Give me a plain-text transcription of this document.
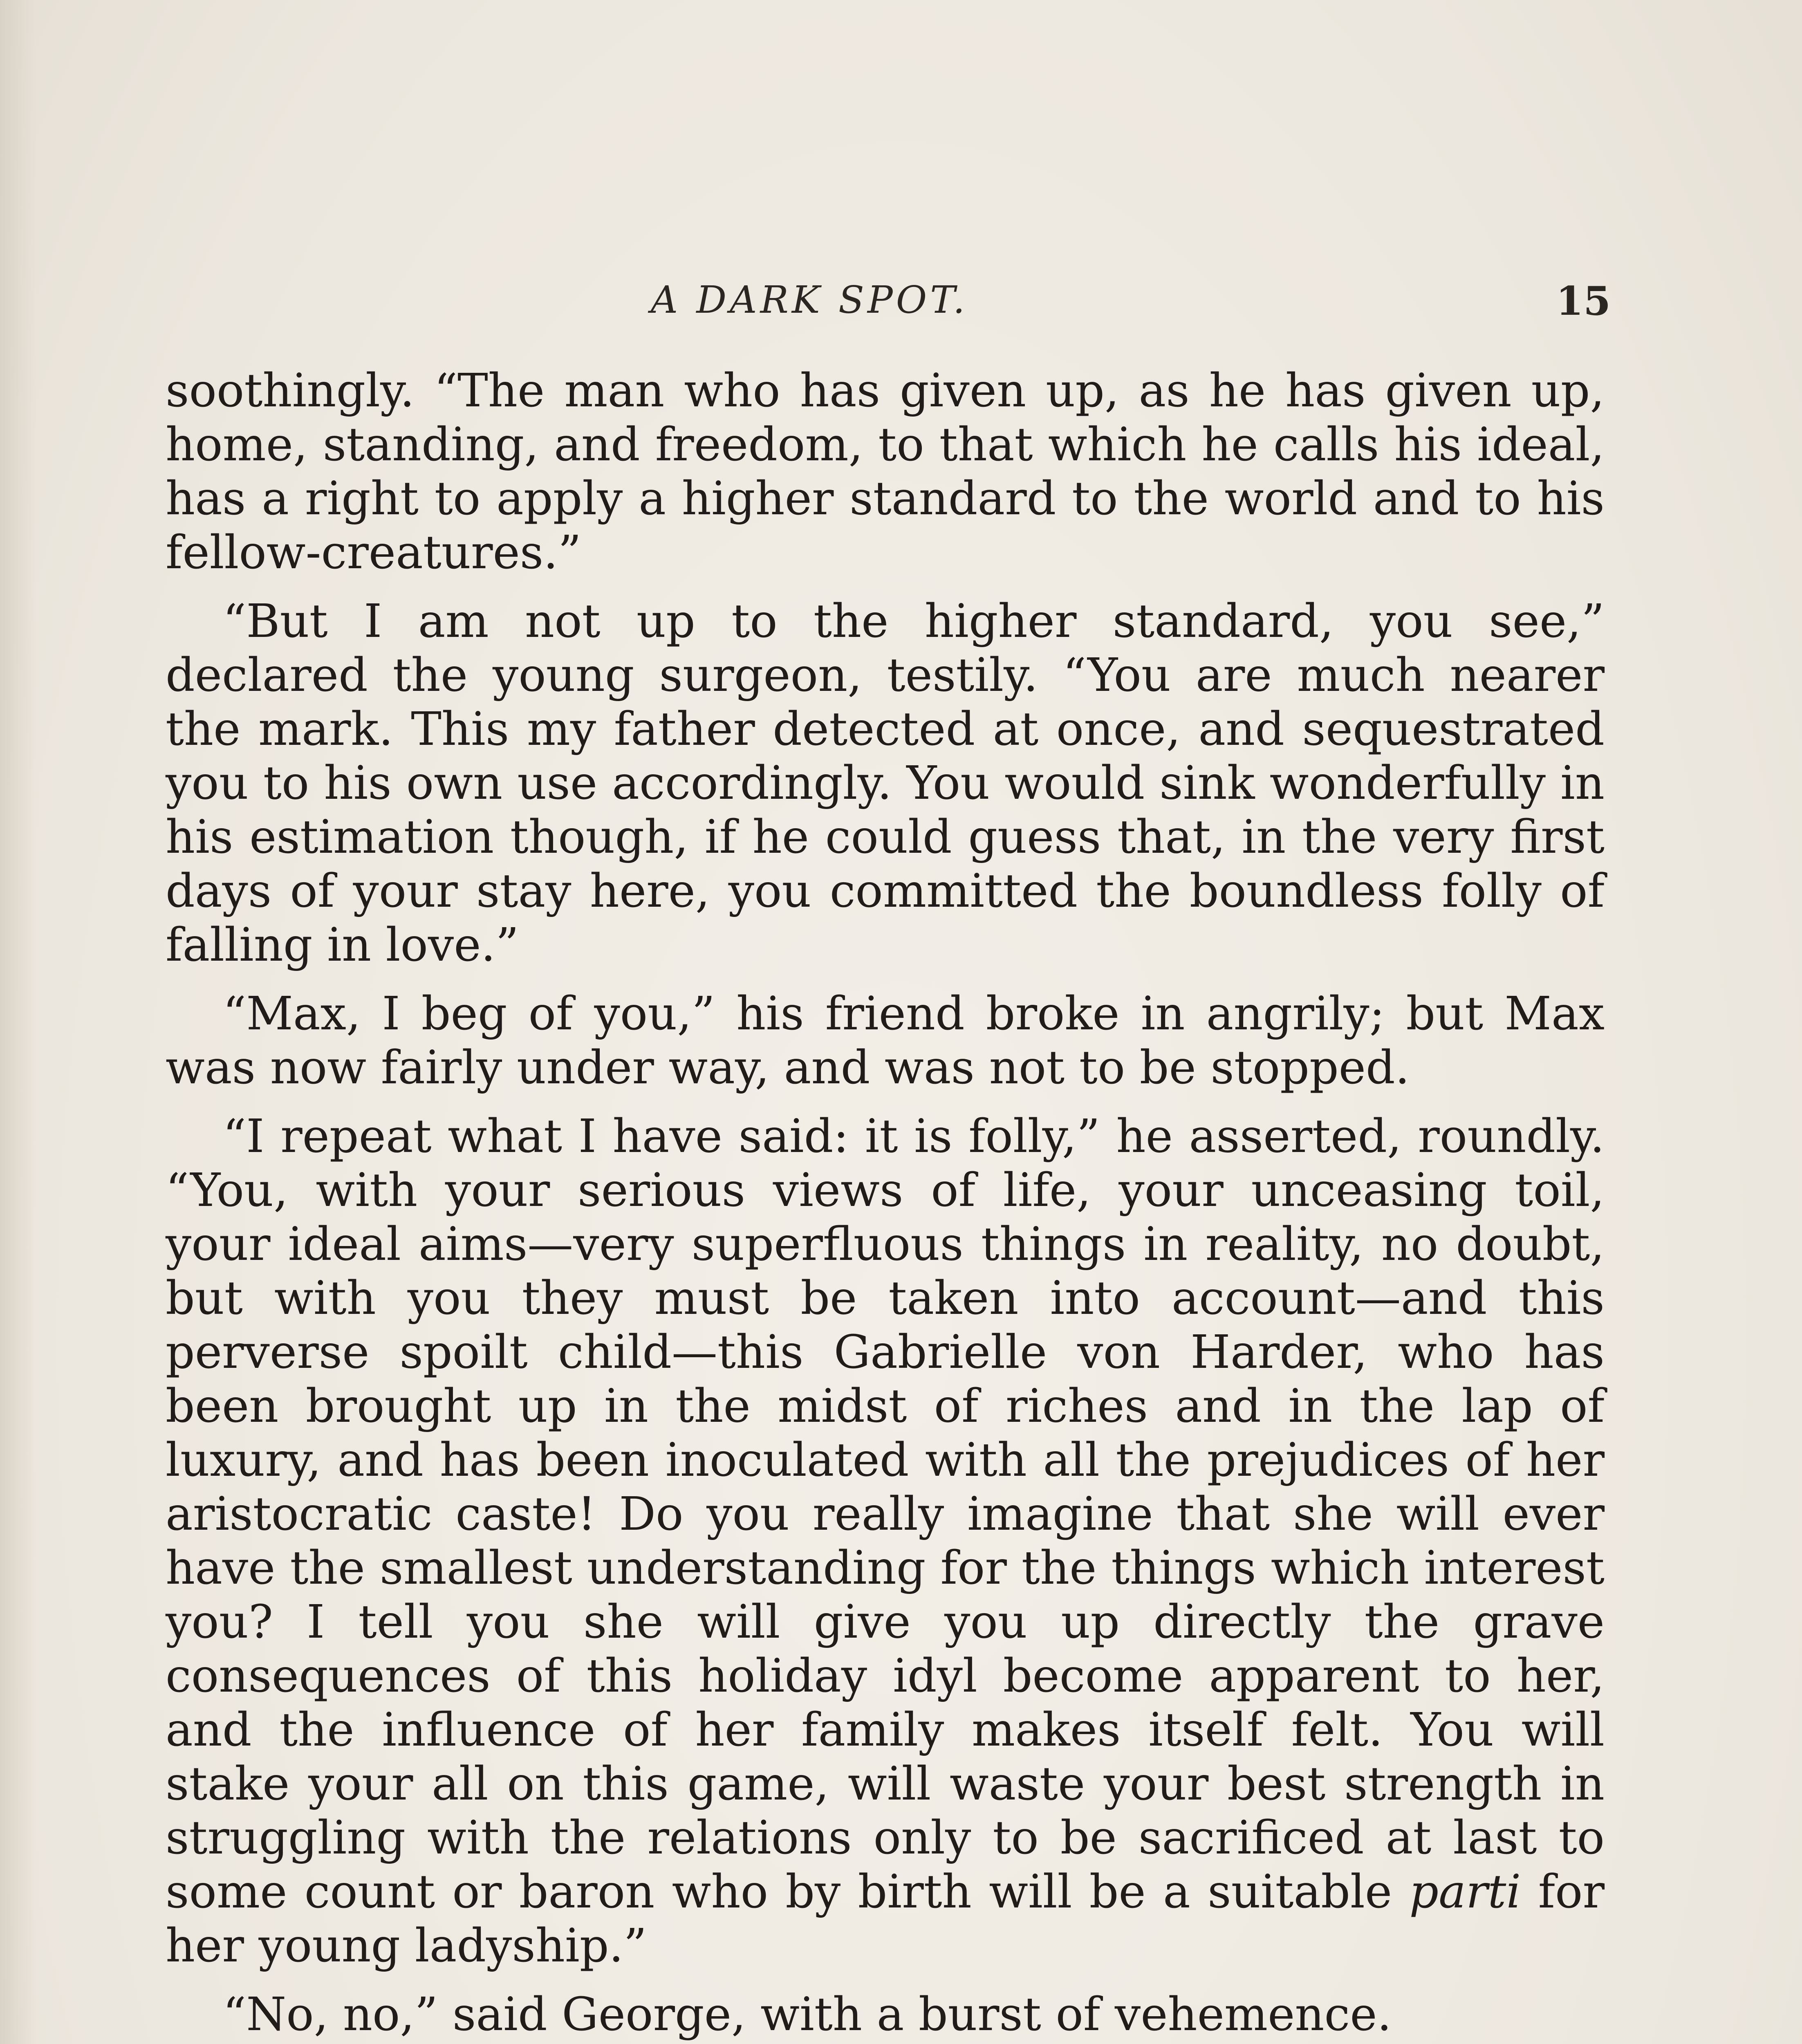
A DARK SPOT.	15

soothingly. “The man who has given up, as he has given up, home, standing, and freedom, to that which he calls his ideal, has a right to apply a higher standard to the world and to his fellow-creatures.”

“But I am not up to the higher standard, you see,” declared the young surgeon, testily. “You are much nearer the mark. This my father detected at once, and sequestrated you to his own use accordingly. You would sink wonderfully in his estimation though, if he could guess that, in the very first days of your stay here, you committed the boundless folly of falling in love.”

“Max, I beg of you,” his friend broke in angrily; but Max was now fairly under way, and was not to be stopped.

“I repeat what I have said: it is folly,” he asserted, roundly. “You, with your serious views of life, your unceasing toil, your ideal aims—very superfluous things in reality, no doubt, but with you they must be taken into account—and this perverse spoilt child—this Gabrielle von Harder, who has been brought up in the midst of riches and in the lap of luxury, and has been inoculated with all the prejudices of her aristocratic caste! Do you really imagine that she will ever have the smallest understanding for the things which interest you? I tell you she will give you up directly the grave consequences of this holiday idyl become apparent to her, and the influence of her family makes itself felt. You will stake your all on this game, will waste your best strength in struggling with the relations only to be sacrificed at last to some count or baron who by birth will be a suitable parti for her young ladyship.”

“No, no,” said George, with a burst of vehemence.
